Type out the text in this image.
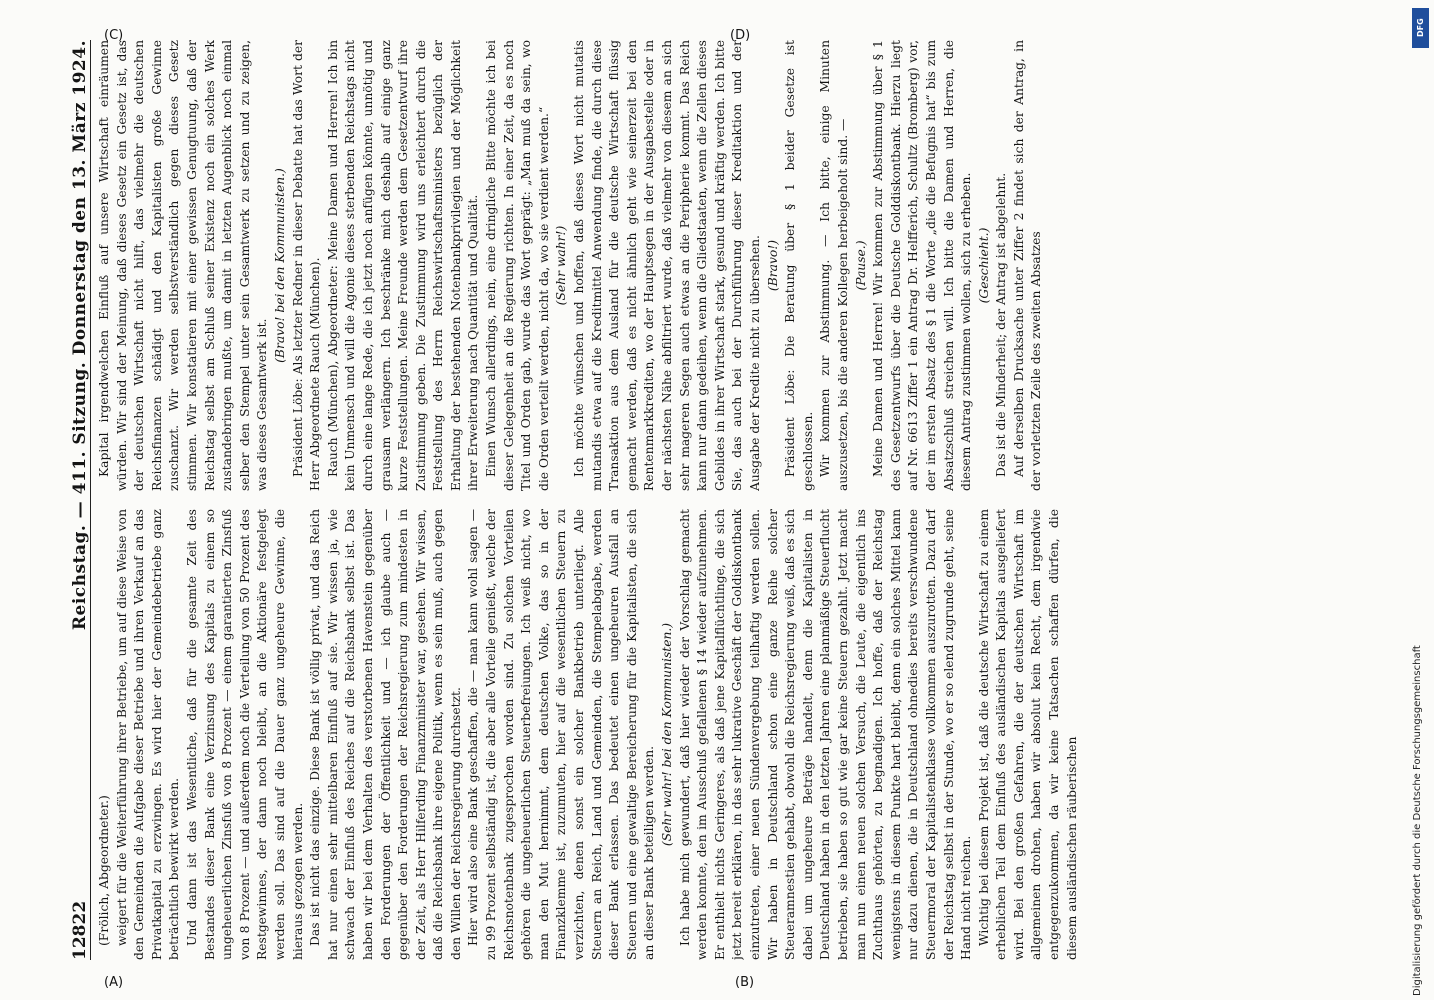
12822
Reichstag. — 411. Sitzung. Donnerstag den 13. März 1924.

(Frölich, Abgeordneter.) weigert für die Weiterführung ihrer Betriebe, um auf diese Weise von den Gemeinden die Aufgabe dieser Betriebe und ihren Verkauf an das Privatkapital zu erzwingen. Es wird hier der Gemeindebetriebe ganz beträchtlich bewirkt werden. Und dann ist das Wesentliche, daß für die gesamte Zeit des Bestandes dieser Bank eine Verzinsung des Kapitals zu einem so ungeheuerlichen Zinsfuß von 8 Prozent — einem garantierten Zinsfuß von 8 Prozent — und außerdem noch die Verteilung von 50 Prozent des Restgewinnes, der dann noch bleibt, an die Aktionäre festgelegt werden soll. Das sind auf die Dauer ganz ungeheure Gewinne, die hieraus gezogen werden. Das ist nicht das einzige. Diese Bank ist völlig privat, und das Reich hat nur einen sehr mittelbaren Einfluß auf sie. Wir wissen ja, wie schwach der Einfluß des Reiches auf die Reichsbank selbst ist. Das haben wir bei dem Verhalten des verstorbenen Havenstein gegenüber den Forderungen der Öffentlichkeit und — ich glaube auch — gegenüber den Forderungen der Reichsregierung zum mindesten in der Zeit, als Herr Hilferding Finanzminister war, gesehen. Wir wissen, daß die Reichsbank ihre eigene Politik, wenn es sein muß, auch gegen den Willen der Reichsregierung durchsetzt. Hier wird also eine Bank geschaffen, die — man kann wohl sagen — zu 99 Prozent selbständig ist, die aber alle Vorteile genießt, welche der Reichsnotenbank zugesprochen worden sind. Zu solchen Vorteilen gehören die ungeheuerlichen Steuerbefreiungen. Ich weiß nicht, wo man den Mut hernimmt, dem deutschen Volke, das so in der Finanzklemme ist, zuzumuten, hier auf die wesentlichen Steuern zu verzichten, denen sonst ein solcher Bankbetrieb unterliegt. Alle Steuern an Reich, Land und Gemeinden, die Stempelabgabe, werden dieser Bank erlassen. Das bedeutet einen ungeheuren Ausfall an Steuern und eine gewaltige Bereicherung für die Kapitalisten, die sich an dieser Bank beteiligen werden.

(Sehr wahr! bei den Kommunisten.) Ich habe mich gewundert, daß hier wieder der Vorschlag gemacht werden konnte, den im Ausschuß gefallenen § 14 wieder aufzunehmen. Er enthielt nichts Geringeres, als daß jene Kapitalflüchtlinge, die sich jetzt bereit erklären, in das sehr lukrative Geschäft der Goldiskontbank einzutreten, einer neuen Sündenvergebung teilhaftig werden sollen. Wir haben in Deutschland schon eine ganze Reihe solcher Steueramnestien gehabt, obwohl die Reichsregierung weiß, daß es sich dabei um ungeheure Beträge handelt, denn die Kapitalisten in Deutschland haben in den letzten Jahren eine planmäßige Steuerflucht betrieben, sie haben so gut wie gar keine Steuern gezahlt. Jetzt macht man nun einen neuen solchen Versuch, die Leute, die eigentlich ins Zuchthaus gehörten, zu begnadigen. Ich hoffe, daß der Reichstag wenigstens in diesem Punkte hart bleibt, denn ein solches Mittel kann nur dazu dienen, die in Deutschland ohnedies bereits verschwundene Steuermoral der Kapitalistenklasse vollkommen auszurotten. Dazu darf der Reichstag selbst in der Stunde, wo er so elend zugrunde geht, seine Hand nicht reichen. Wichtig bei diesem Projekt ist, daß die deutsche Wirtschaft zu einem erheblichen Teil dem Einfluß des ausländischen Kapitals ausgeliefert wird. Bei den großen Gefahren, die der deutschen Wirtschaft im allgemeinen drohen, haben wir absolut kein Recht, dem irgendwie entgegenzukommen, da wir keine Tatsachen schaffen dürfen, die diesem ausländischen räuberischen

Kapital irgendwelchen Einfluß auf unsere Wirtschaft einräumen würden. Wir sind der Meinung, daß dieses Gesetz ein Gesetz ist, das der deutschen Wirtschaft nicht hilft, das vielmehr die deutschen Reichsfinanzen schädigt und den Kapitalisten große Gewinne zuschanzt. Wir werden selbstverständlich gegen dieses Gesetz stimmen. Wir konstatieren mit einer gewissen Genugtuung, daß der Reichstag selbst am Schluß seiner Existenz noch ein solches Werk zustandebringen mußte, um damit in letzten Augenblick noch einmal selber den Stempel unter sein Gesamtwerk zu setzen und zu zeigen, was dieses Gesamtwerk ist.

(Bravo! bei den Kommunisten.) Präsident Löbe: Als letzter Redner in dieser Debatte hat das Wort der Herr Abgeordnete Rauch (München). Rauch (München), Abgeordneter: Meine Damen und Herren! Ich bin kein Unmensch und will die Agonie dieses sterbenden Reichstags nicht durch eine lange Rede, die ich jetzt noch anfügen könnte, unnötig und grausam verlängern. Ich beschränke mich deshalb auf einige ganz kurze Feststellungen. Meine Freunde werden dem Gesetzentwurf ihre Zustimmung geben. Die Zustimmung wird uns erleichtert durch die Feststellung des Herrn Reichswirtschaftsministers bezüglich der Erhaltung der bestehenden Notenbankprivilegien und der Möglichkeit ihrer Erweiterung nach Quantität und Qualität. Einen Wunsch allerdings, nein, eine dringliche Bitte möchte ich bei dieser Gelegenheit an die Regierung richten. In einer Zeit, da es noch Titel und Orden gab, wurde das Wort geprägt: „Man muß da sein, wo die Orden verteilt werden, nicht da, wo sie verdient werden.“ (Sehr wahr!) Ich möchte wünschen und hoffen, daß dieses Wort nicht mutatis mutandis etwa auf die Kreditmittel Anwendung finde, die durch diese Transaktion aus dem Ausland für die deutsche Wirtschaft flüssig gemacht werden, daß es nicht ähnlich geht wie seinerzeit bei den Rentenmarkkrediten, wo der Hauptsegen in der Ausgabestelle oder in der nächsten Nähe abfiltriert wurde, daß vielmehr von diesem an sich sehr mageren Segen auch etwas an die Peripherie kommt. Das Reich kann nur dann gedeihen, wenn die Gliedstaaten, wenn die Zellen dieses Gebildes in ihrer Wirtschaft stark, gesund und kräftig werden. Ich bitte Sie, das auch bei der Durchführung dieser Kreditaktion und der Ausgabe der Kredite nicht zu übersehen. (Bravo!) Präsident Löbe: Die Beratung über § 1 beider Gesetze ist geschlossen. Wir kommen zur Abstimmung. — Ich bitte, einige Minuten auszusetzen, bis die anderen Kollegen herbeigeholt sind. — (Pause.) Meine Damen und Herren! Wir kommen zur Abstimmung über § 1 des Gesetzentwurfs über die Deutsche Golddiskontbank. Hierzu liegt auf Nr. 6613 Ziffer 1 ein Antrag Dr. Helfferich, Schultz (Bromberg) vor, der im ersten Absatz des § 1 die Worte „die die Befugnis hat“ bis zum Absatzschluß streichen will. Ich bitte die Damen und Herren, die diesem Antrag zustimmen wollen, sich zu erheben. (Geschieht.) Das ist die Minderheit; der Antrag ist abgelehnt. Auf derselben Drucksache unter Ziffer 2 findet sich der Antrag, in der vorletzten Zeile des zweiten Absatzes

(A)	(B)
(C)	(D)
Digitalisierung gefördert durch die Deutsche Forschungsgemeinschaft
DFG
